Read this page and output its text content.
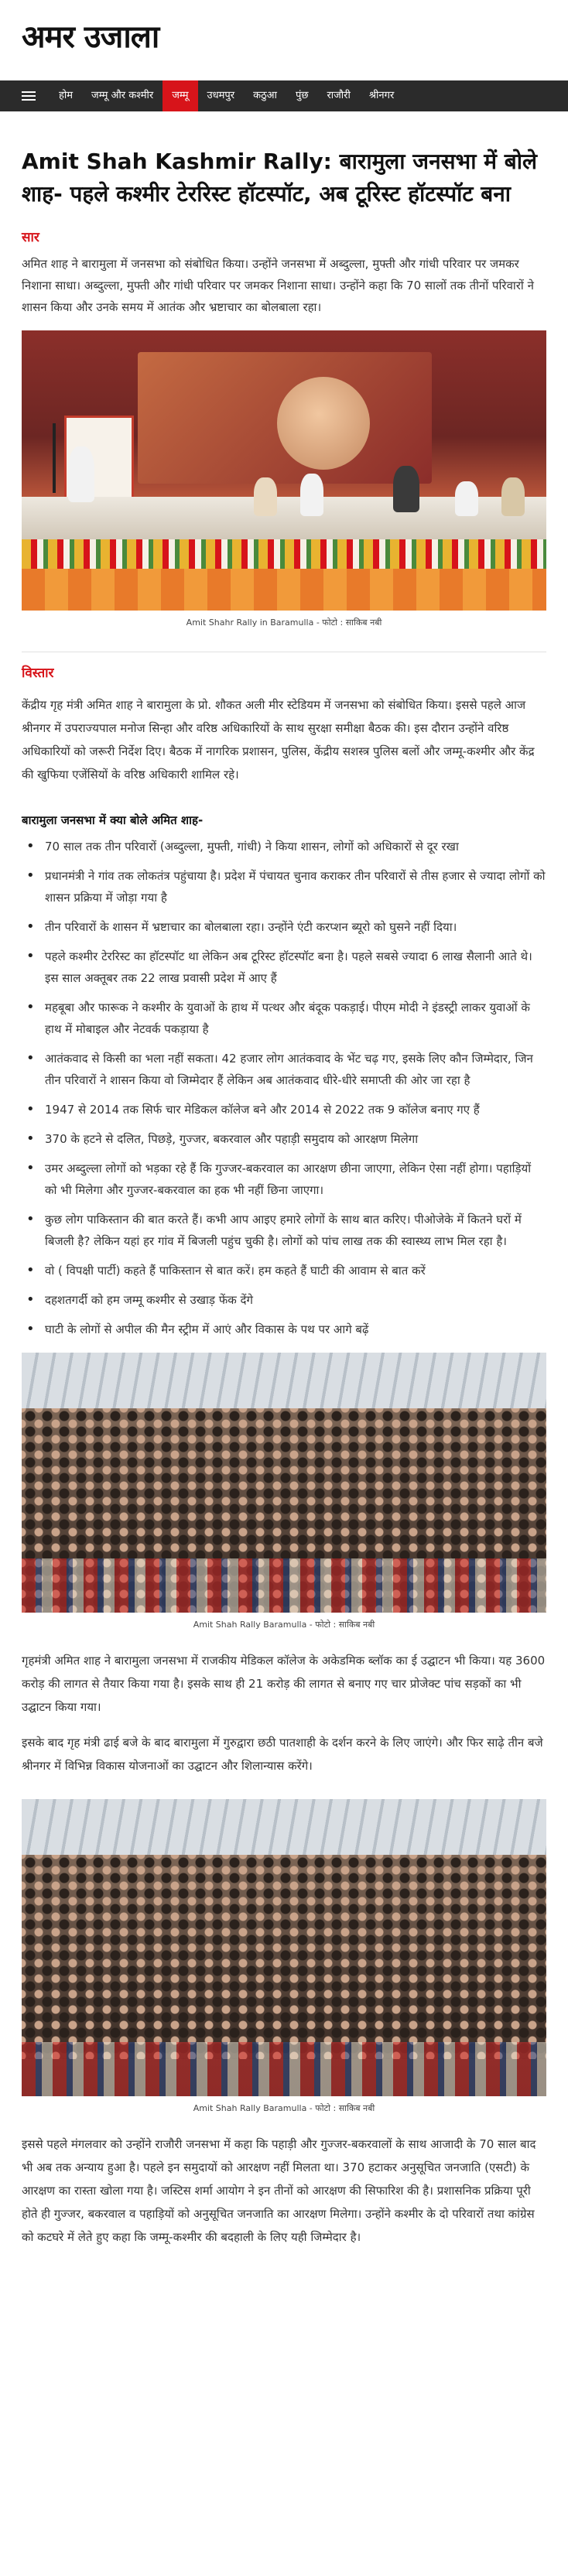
अमर उजाला
होम	जम्मू और कश्मीर	जम्मू	उधमपुर	कठुआ	पुंछ	राजौरी	श्रीनगर
Amit Shah Kashmir Rally: बारामुला जनसभा में बोले शाह- पहले कश्मीर टेररिस्ट हॉटस्पॉट, अब टूरिस्ट हॉटस्पॉट बना
सार

अमित शाह ने बारामुला में जनसभा को संबोधित किया। उन्होंने जनसभा में अब्दुल्ला, मुफ्ती और गांधी परिवार पर जमकर निशाना साधा। अब्दुल्ला, मुफ्ती और गांधी परिवार पर जमकर निशाना साधा। उन्होंने कहा कि 70 सालों तक तीनों परिवारों ने शासन किया और उनके समय में आतंक और भ्रष्टाचार का बोलबाला रहा।

Amit Shahr Rally in Baramulla - फोटो : साकिब नबी
विस्तार

केंद्रीय गृह मंत्री अमित शाह ने बारामुला के प्रो. शौकत अली मीर स्टेडियम में जनसभा को संबोधित किया। इससे पहले आज श्रीनगर में उपराज्यपाल मनोज सिन्हा और वरिष्ठ अधिकारियों के साथ सुरक्षा समीक्षा बैठक की। इस दौरान उन्होंने वरिष्ठ अधिकारियों को जरूरी निर्देश दिए। बैठक में नागरिक प्रशासन, पुलिस, केंद्रीय सशस्त्र पुलिस बलों और जम्मू-कश्मीर और केंद्र की खुफिया एजेंसियों के वरिष्ठ अधिकारी शामिल रहे।

बारामुला जनसभा में क्या बोले अमित शाह-
• 70 साल तक तीन परिवारों (अब्दुल्ला, मुफ्ती, गांधी) ने किया शासन, लोगों को अधिकारों से दूर रखा
• प्रधानमंत्री ने गांव तक लोकतंत्र पहुंचाया है। प्रदेश में पंचायत चुनाव कराकर तीन परिवारों से तीस हजार से ज्यादा लोगों को शासन प्रक्रिया में जोड़ा गया है
• तीन परिवारों के शासन में भ्रष्टाचार का बोलबाला रहा। उन्होंने एंटी करप्शन ब्यूरो को घुसने नहीं दिया।
• पहले कश्मीर टेररिस्ट का हॉटस्पॉट था लेकिन अब टूरिस्ट हॉटस्पॉट बना है। पहले सबसे ज्यादा 6 लाख सैलानी आते थे। इस साल अक्तूबर तक 22 लाख प्रवासी प्रदेश में आए हैं
• महबूबा और फारूक ने कश्मीर के युवाओं के हाथ में पत्थर और बंदूक पकड़ाई। पीएम मोदी ने इंडस्ट्री लाकर युवाओं के हाथ में मोबाइल और नेटवर्क पकड़ाया है
• आतंकवाद से किसी का भला नहीं सकता। 42 हजार लोग आतंकवाद के भेंट चढ़ गए, इसके लिए कौन जिम्मेदार, जिन तीन परिवारों ने शासन किया वो जिम्मेदार हैं लेकिन अब आतंकवाद धीरे-धीरे समाप्ती की ओर जा रहा है
• 1947 से 2014 तक सिर्फ चार मेडिकल कॉलेज बने और 2014 से 2022 तक 9 कॉलेज बनाए गए हैं
• 370 के हटने से दलित, पिछड़े, गुज्जर, बकरवाल और पहाड़ी समुदाय को आरक्षण मिलेगा
• उमर अब्दुल्ला लोगों को भड़का रहे हैं कि गुज्जर-बकरवाल का आरक्षण छीना जाएगा, लेकिन ऐसा नहीं होगा। पहाड़ियों को भी मिलेगा और गुज्जर-बकरवाल का हक भी नहीं छिना जाएगा।
• कुछ लोग पाकिस्तान की बात करते हैं। कभी आप आइए हमारे लोगों के साथ बात करिए। पीओजेके में कितने घरों में बिजली है? लेकिन यहां हर गांव में बिजली पहुंच चुकी है। लोगों को पांच लाख तक की स्वास्थ्य लाभ मिल रहा है।
• वो ( विपक्षी पार्टी) कहते हैं पाकिस्तान से बात करें। हम कहते हैं घाटी की आवाम से बात करें
• दहशतगर्दी को हम जम्मू कश्मीर से उखाड़ फेंक देंगे
• घाटी के लोगों से अपील की मैन स्ट्रीम में आएं और विकास के पथ पर आगे बढ़ें
Amit Shah Rally Baramulla - फोटो : साकिब नबी

गृहमंत्री अमित शाह ने बारामुला जनसभा में राजकीय मेडिकल कॉलेज के अकेडमिक ब्लॉक का ई उद्घाटन भी किया। यह 3600 करोड़ की लागत से तैयार किया गया है। इसके साथ ही 21 करोड़ की लागत से बनाए गए चार प्रोजेक्ट पांच सड़कों का भी उद्घाटन किया गया।

इसके बाद गृह मंत्री ढाई बजे के बाद बारामुला में गुरुद्वारा छठी पातशाही के दर्शन करने के लिए जाएंगे। और फिर साढ़े तीन बजे श्रीनगर में विभिन्न विकास योजनाओं का उद्घाटन और शिलान्यास करेंगे।

Amit Shah Rally Baramulla - फोटो : साकिब नबी

इससे पहले मंगलवार को उन्होंने राजौरी जनसभा में कहा कि पहाड़ी और गुज्जर-बकरवालों के साथ आजादी के 70 साल बाद भी अब तक अन्याय हुआ है। पहले इन समुदायों को आरक्षण नहीं मिलता था। 370 हटाकर अनुसूचित जनजाति (एसटी) के आरक्षण का रास्ता खोला गया है। जस्टिस शर्मा आयोग ने इन तीनों को आरक्षण की सिफारिश की है। प्रशासनिक प्रक्रिया पूरी होते ही गुज्जर, बकरवाल व पहाड़ियों को अनुसूचित जनजाति का आरक्षण मिलेगा। उन्होंने कश्मीर के दो परिवारों तथा कांग्रेस को कटघरे में लेते हुए कहा कि जम्मू-कश्मीर की बदहाली के लिए यही जिम्मेदार है।
